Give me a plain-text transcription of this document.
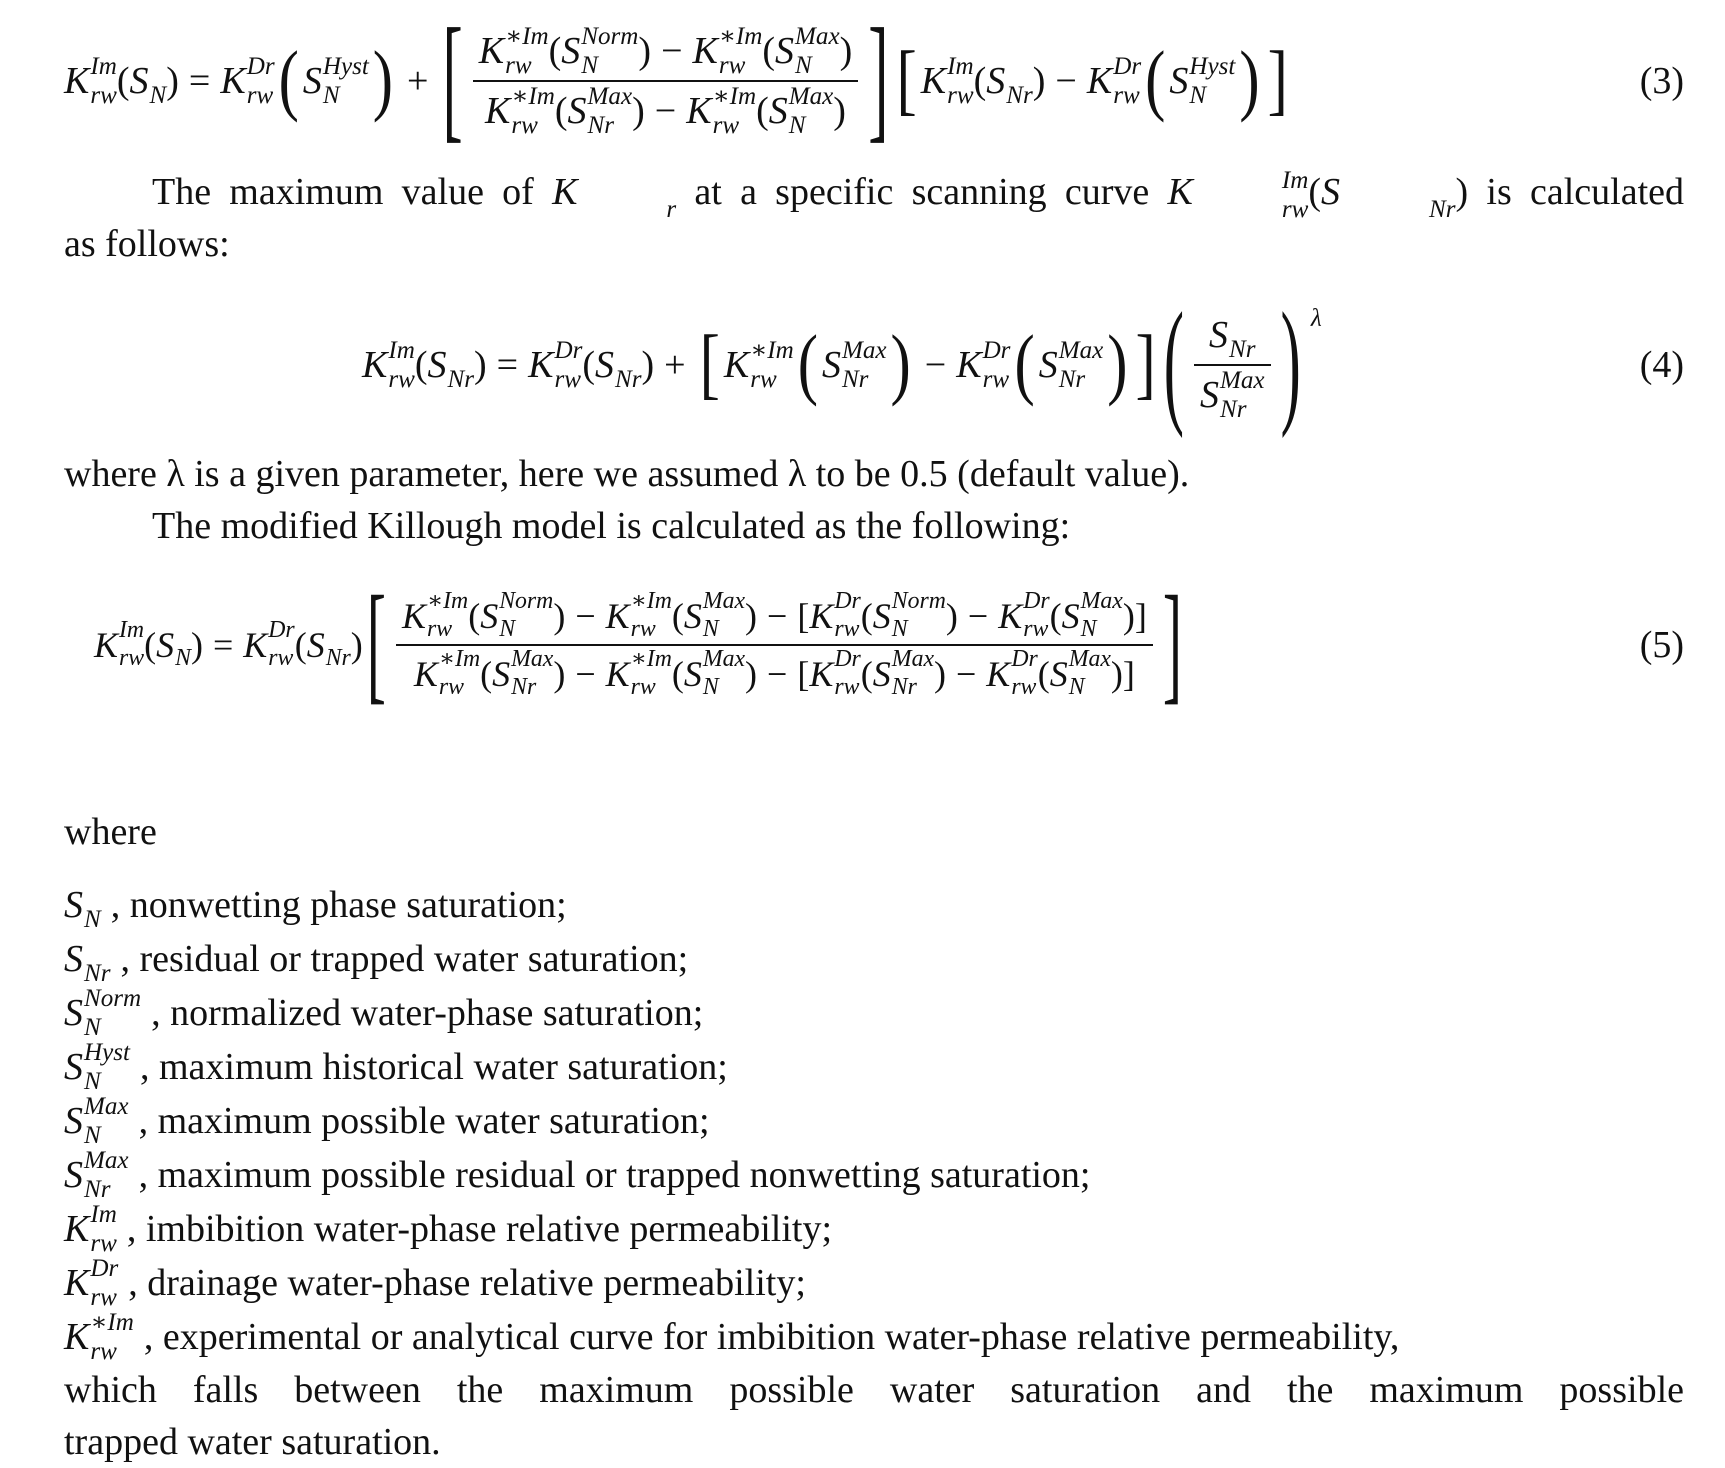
K Im
rw ( S
N ) = K Dr
rw ( S Hyst
N ) + [ K ∗Im
rw ( S Norm
N	) − K ∗Im
rw ( S Max
N )
K ∗Im
rw ( S Max
Nr ) − K ∗Im
rw ( S Max
N ) ] [ K Im
rw ( S
Nr ) − K Dr
rw ( S Hyst
N ) ]	(3)
The maximum value of K
	r at a specific scanning curve K	Im
rw (S
	Nr ) is calculated
as follows:
K Im
rw ( S
Nr ) = K Dr
rw ( S
Nr ) + [ K ∗Im
rw ( S Max
Nr ) − K Dr
rw ( S Max
Nr ) ] ( S
Nr
S Max
Nr ) λ
(4)
where λ is a given parameter, here we assumed λ to be 0.5 (default value).
The modified Killough model is calculated as the following:
K Im
rw ( S
N ) = K Dr
rw ( S
Nr ) [ K ∗Im
rw ( S Norm
N	) − K ∗Im
rw ( S Max
N ) − [ K Dr
rw ( S Norm
N	) − K Dr
rw ( S Max
N )]
K ∗Im
rw ( S Max
Nr ) − K ∗Im
rw ( S Max
N ) − [ K Dr
rw ( S Max
Nr ) − K Dr
rw ( S Max
N )] ]	(5)
where
S
N , nonwetting phase saturation;
S
Nr , residual or trapped water saturation;
S Norm
N	, normalized water-phase saturation;
S Hyst
N	, maximum historical water saturation;
S Max
N , maximum possible water saturation;
S Max
Nr , maximum possible residual or trapped nonwetting saturation;
K Im
rw , imbibition water-phase relative permeability;
K Dr
rw , drainage water-phase relative permeability;
K ∗Im
rw , experimental or analytical curve for imbibition water-phase relative permeability,
which falls between the maximum possible water saturation and the maximum possible
trapped water saturation.
